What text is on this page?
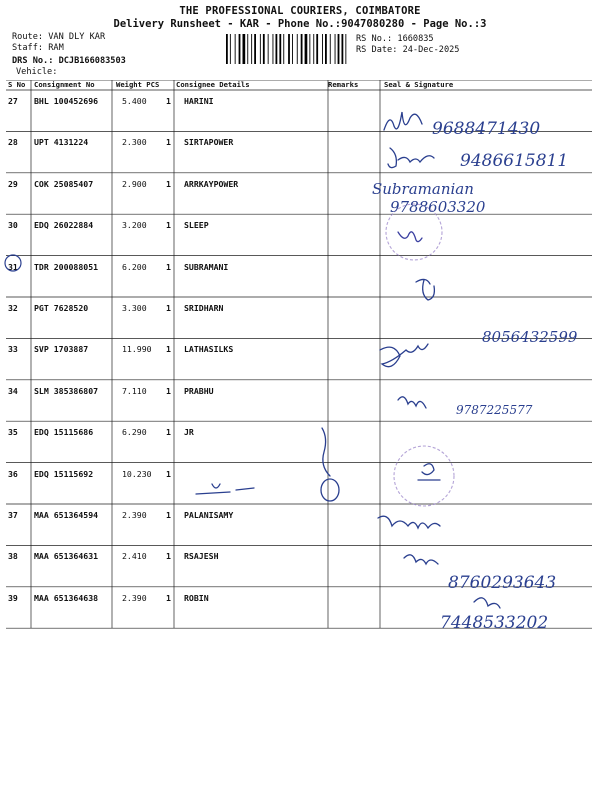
THE PROFESSIONAL COURIERS, COIMBATORE
Delivery Runsheet - KAR - Phone No.:9047080280 - Page No.:3
Route: VAN DLY KAR
Staff: RAM
DRS No.: DCJB166083503
Vehicle:
RS No.: 1660835
RS Date: 24-Dec-2025
S No Consignment No	Weight PCS Consignee Details	Remarks	Seal & Signature
27 BHL 100452696	5.400 1 HARINI
28 UPT 4131224	2.300 1 SIRTAPOWER
29 COK 25085407	2.900 1 ARRKAYPOWER
30 EDQ 26022884	3.200 1 SLEEP
31 TDR 200088051	6.200 1 SUBRAMANI
32 PGT 7628520	3.300 1 SRIDHARN
33 SVP 1703887	11.990 1 LATHASILKS
34 SLM 385386807	7.110 1 PRABHU
35 EDQ 15115686	6.290 1 JR
36 EDQ 15115692	10.230 1
37 MAA 651364594	2.390 1 PALANISAMY
38 MAA 651364631	2.410 1 RSAJESH
39 MAA 651364638	2.390 1 ROBIN
9688471430
9486615811
Subramanian
9788603320
8056432599
9787225577
8760293643
7448533202
